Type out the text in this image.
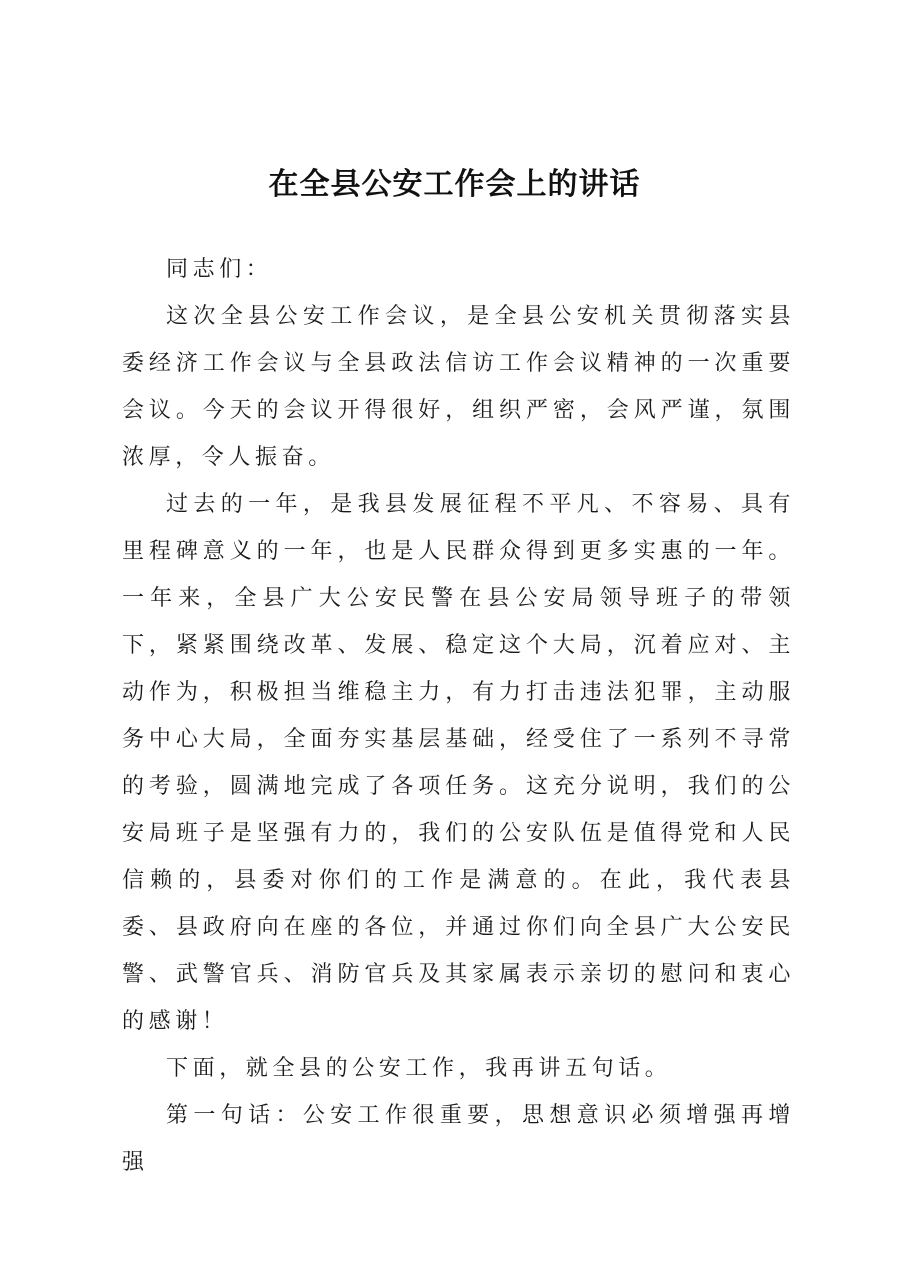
在全县公安工作会上的讲话

同志们：

这次全县公安工作会议，是全县公安机关贯彻落实县委经济工作会议与全县政法信访工作会议精神的一次重要会议。今天的会议开得很好，组织严密，会风严谨，氛围浓厚，令人振奋。

过去的一年，是我县发展征程不平凡、不容易、具有里程碑意义的一年，也是人民群众得到更多实惠的一年。一年来，全县广大公安民警在县公安局领导班子的带领下，紧紧围绕改革、发展、稳定这个大局，沉着应对、主动作为，积极担当维稳主力，有力打击违法犯罪，主动服务中心大局，全面夯实基层基础，经受住了一系列不寻常的考验，圆满地完成了各项任务。这充分说明，我们的公安局班子是坚强有力的，我们的公安队伍是值得党和人民信赖的，县委对你们的工作是满意的。在此，我代表县委、县政府向在座的各位，并通过你们向全县广大公安民警、武警官兵、消防官兵及其家属表示亲切的慰问和衷心的感谢！

下面，就全县的公安工作，我再讲五句话。

第一句话：公安工作很重要，思想意识必须增强再增强
